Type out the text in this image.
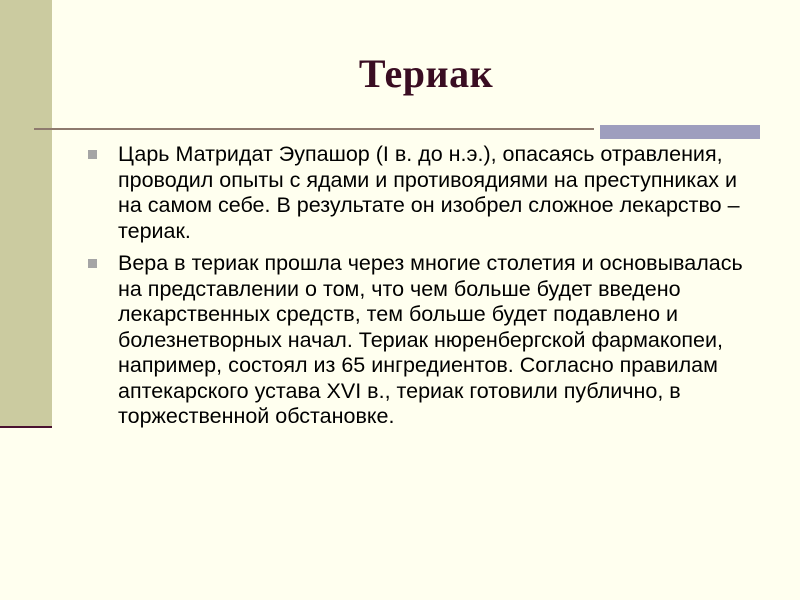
Териак
Царь Матридат Эупашор (I в. до н.э.), опасаясь отравления, проводил опыты с ядами и противоядиями на преступниках и на самом себе. В результате он изобрел сложное лекарство – териак.
Вера в териак прошла через многие столетия и основывалась на представлении о том, что чем больше будет введено лекарственных средств, тем больше будет подавлено и болезнетворных начал. Териак нюренбергской фармакопеи, например, состоял из 65 ингредиентов. Согласно правилам аптекарского устава XVI в., териак готовили публично, в торжественной обстановке.
